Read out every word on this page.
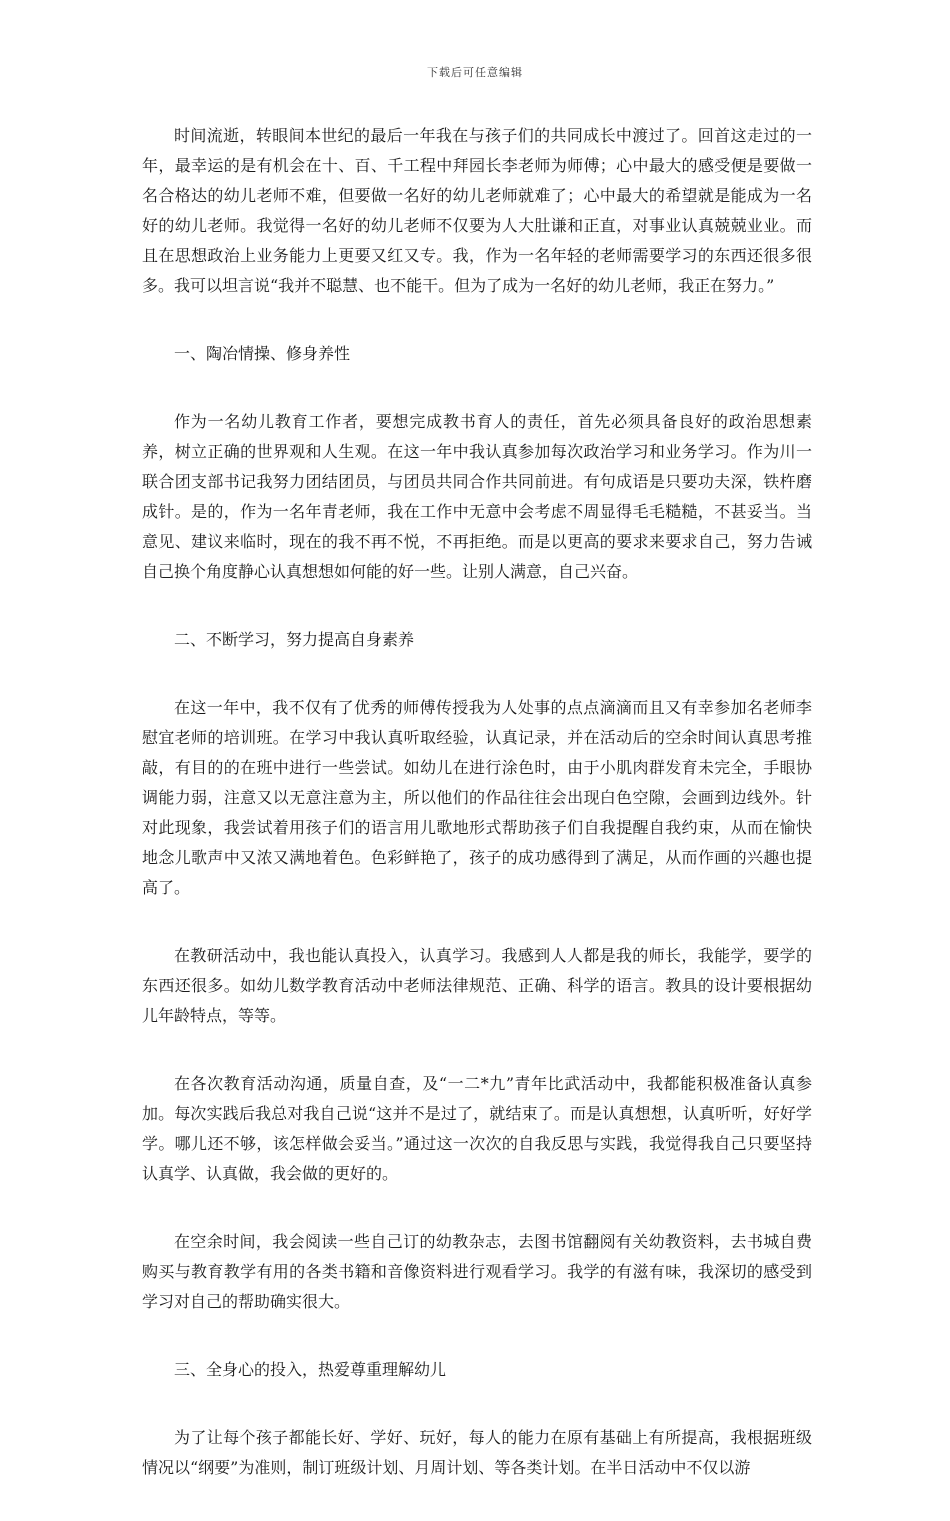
下载后可任意编辑

时间流逝，转眼间本世纪的最后一年我在与孩子们的共同成长中渡过了。回首这走过的一年，最幸运的是有机会在十、百、千工程中拜园长李老师为师傅；心中最大的感受便是要做一名合格达的幼儿老师不难，但要做一名好的幼儿老师就难了；心中最大的希望就是能成为一名好的幼儿老师。我觉得一名好的幼儿老师不仅要为人大肚谦和正直，对事业认真兢兢业业。而且在思想政治上业务能力上更要又红又专。我，作为一名年轻的老师需要学习的东西还很多很多。我可以坦言说“我并不聪慧、也不能干。但为了成为一名好的幼儿老师，我正在努力。”

一、陶冶情操、修身养性

作为一名幼儿教育工作者，要想完成教书育人的责任，首先必须具备良好的政治思想素养，树立正确的世界观和人生观。在这一年中我认真参加每次政治学习和业务学习。作为川一联合团支部书记我努力团结团员，与团员共同合作共同前进。有句成语是只要功夫深，铁杵磨成针。是的，作为一名年青老师，我在工作中无意中会考虑不周显得毛毛糙糙，不甚妥当。当意见、建议来临时，现在的我不再不悦，不再拒绝。而是以更高的要求来要求自己，努力告诫自己换个角度静心认真想想如何能的好一些。让别人满意，自己兴奋。

二、不断学习，努力提高自身素养

在这一年中，我不仅有了优秀的师傅传授我为人处事的点点滴滴而且又有幸参加名老师李慰宜老师的培训班。在学习中我认真听取经验，认真记录，并在活动后的空余时间认真思考推敲，有目的的在班中进行一些尝试。如幼儿在进行涂色时，由于小肌肉群发育未完全，手眼协调能力弱，注意又以无意注意为主，所以他们的作品往往会出现白色空隙，会画到边线外。针对此现象，我尝试着用孩子们的语言用儿歌地形式帮助孩子们自我提醒自我约束，从而在愉快地念儿歌声中又浓又满地着色。色彩鲜艳了，孩子的成功感得到了满足，从而作画的兴趣也提高了。

在教研活动中，我也能认真投入，认真学习。我感到人人都是我的师长，我能学，要学的东西还很多。如幼儿数学教育活动中老师法律规范、正确、科学的语言。教具的设计要根据幼儿年龄特点，等等。

在各次教育活动沟通，质量自查，及“一二*九”青年比武活动中，我都能积极准备认真参加。每次实践后我总对我自己说“这并不是过了，就结束了。而是认真想想，认真听听，好好学学。哪儿还不够，该怎样做会妥当。”通过这一次次的自我反思与实践，我觉得我自己只要坚持认真学、认真做，我会做的更好的。

在空余时间，我会阅读一些自己订的幼教杂志，去图书馆翻阅有关幼教资料，去书城自费购买与教育教学有用的各类书籍和音像资料进行观看学习。我学的有滋有味，我深切的感受到学习对自己的帮助确实很大。

三、全身心的投入，热爱尊重理解幼儿

为了让每个孩子都能长好、学好、玩好，每人的能力在原有基础上有所提高，我根据班级情况以“纲要”为准则，制订班级计划、月周计划、等各类计划。在半日活动中不仅以游
